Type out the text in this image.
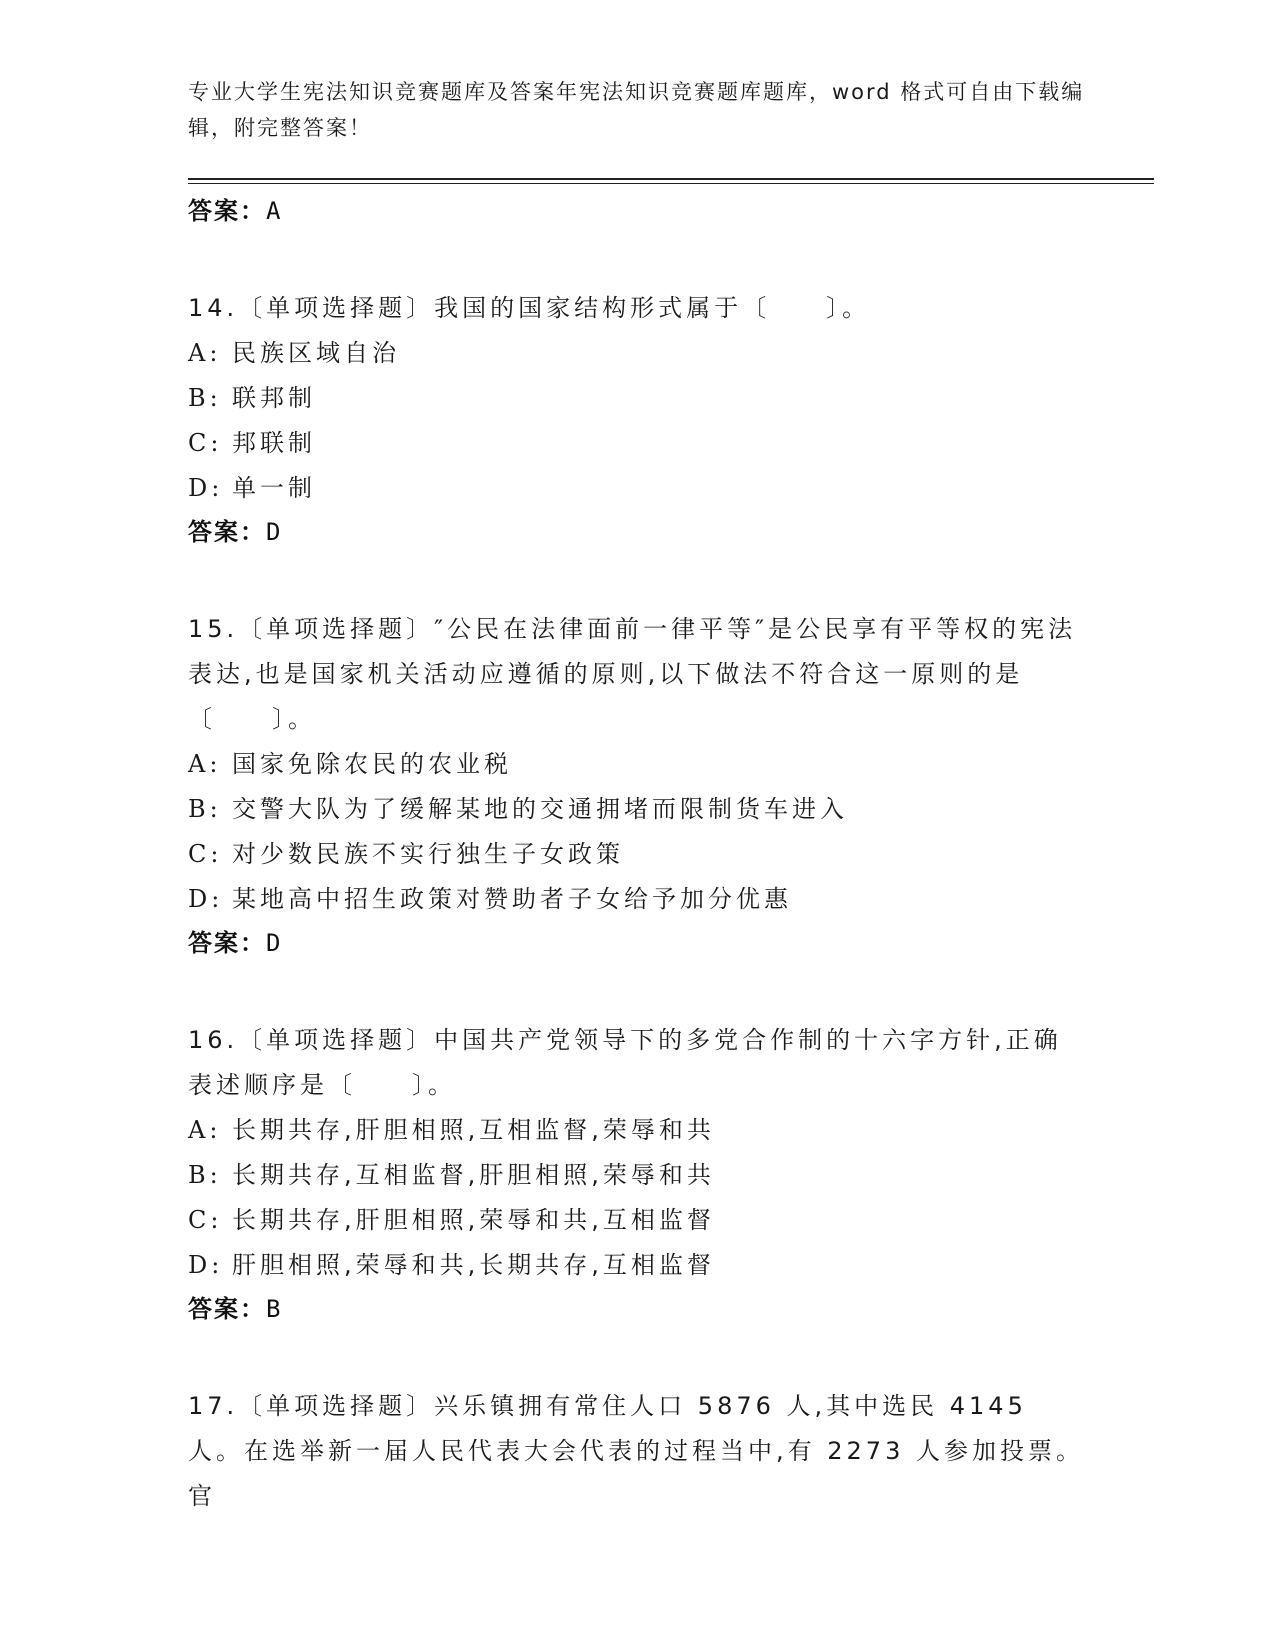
专业大学生宪法知识竞赛题库及答案年宪法知识竞赛题库题库，word 格式可自由下载编辑，附完整答案！
答案：A
14.〔单项选择题〕我国的国家结构形式属于〔　　〕。
A: 民族区域自治
B: 联邦制
C: 邦联制
D: 单一制
答案：D
15.〔单项选择题〕″公民在法律面前一律平等″是公民享有平等权的宪法表达,也是国家机关活动应遵循的原则,以下做法不符合这一原则的是〔　　〕。
A: 国家免除农民的农业税
B: 交警大队为了缓解某地的交通拥堵而限制货车进入
C: 对少数民族不实行独生子女政策
D: 某地高中招生政策对赞助者子女给予加分优惠
答案：D
16.〔单项选择题〕中国共产党领导下的多党合作制的十六字方针,正确表述顺序是〔　　〕。
A: 长期共存,肝胆相照,互相监督,荣辱和共
B: 长期共存,互相监督,肝胆相照,荣辱和共
C: 长期共存,肝胆相照,荣辱和共,互相监督
D: 肝胆相照,荣辱和共,长期共存,互相监督
答案：B
17.〔单项选择题〕兴乐镇拥有常住人口 5876 人,其中选民 4145 人。在选举新一届人民代表大会代表的过程当中,有 2273 人参加投票。官
